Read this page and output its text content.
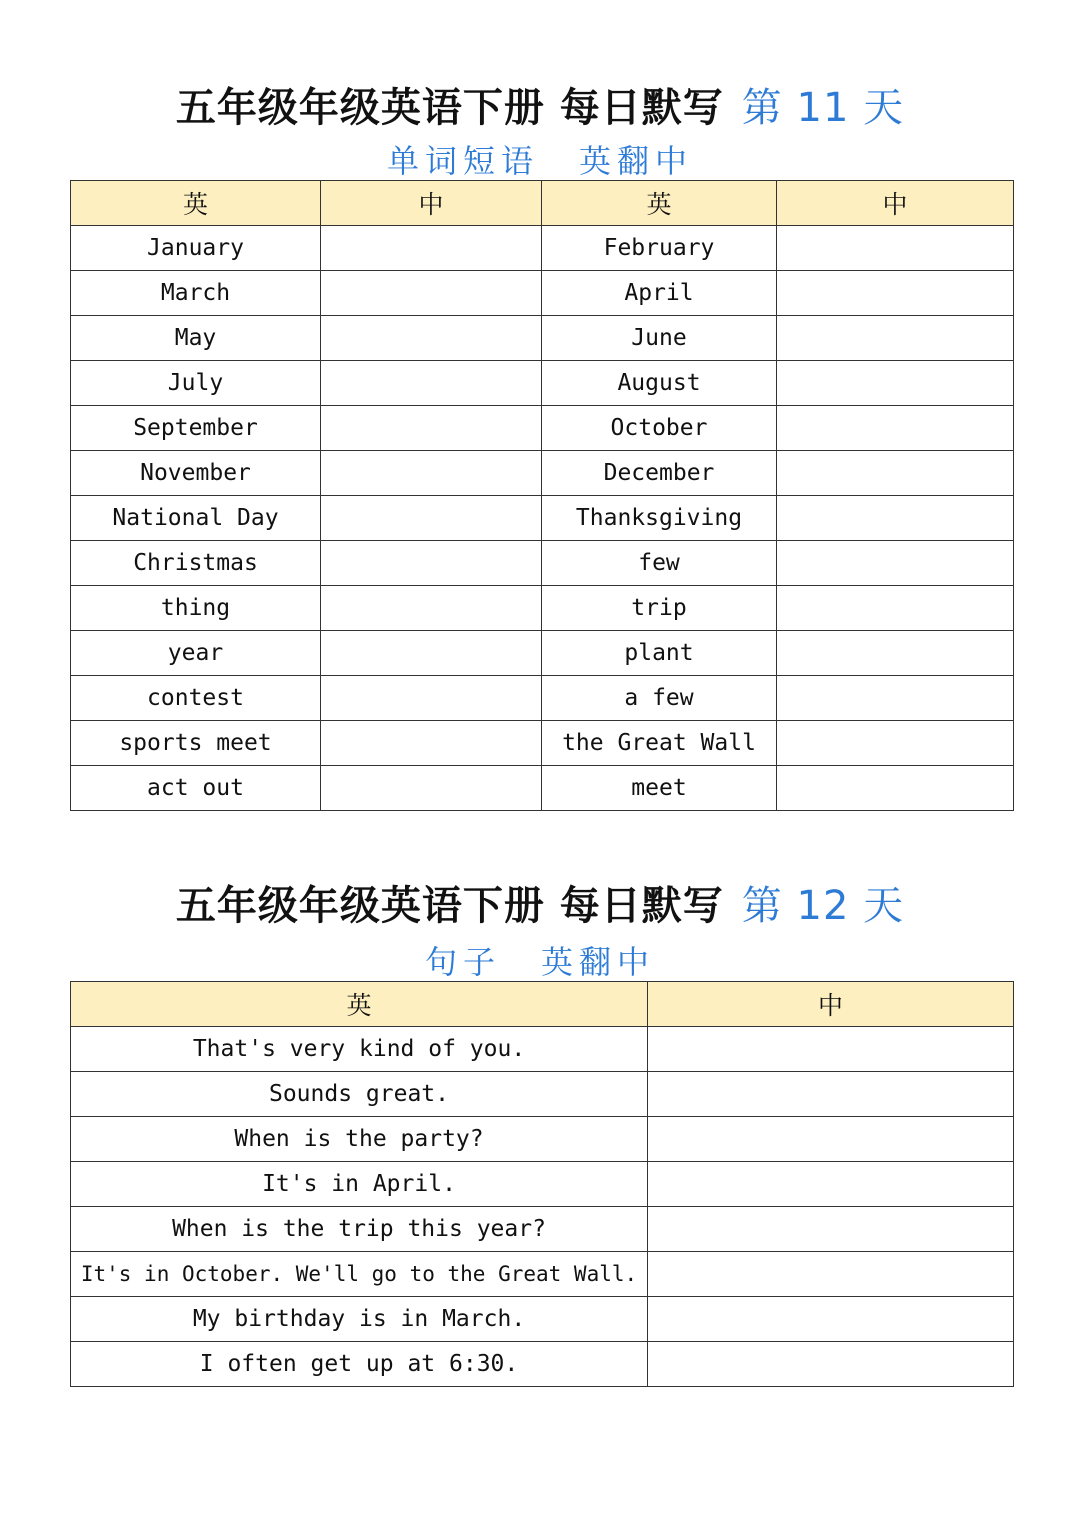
五年级年级英语下册 每日默写 第 11 天
单词短语 英翻中
英	中	英	中
January		February	
March		April	
May		June	
July		August	
September		October	
November		December	
National Day		Thanksgiving	
Christmas		few	
thing		trip	
year		plant	
contest		a few	
sports meet		the Great Wall	
act out		meet	
五年级年级英语下册 每日默写 第 12 天
句子 英翻中
英	中
That's very kind of you.	
Sounds great.	
When is the party?	
It's in April.	
When is the trip this year?	
It's in October. We'll go to the Great Wall.	
My birthday is in March.	
I often get up at 6:30.	
